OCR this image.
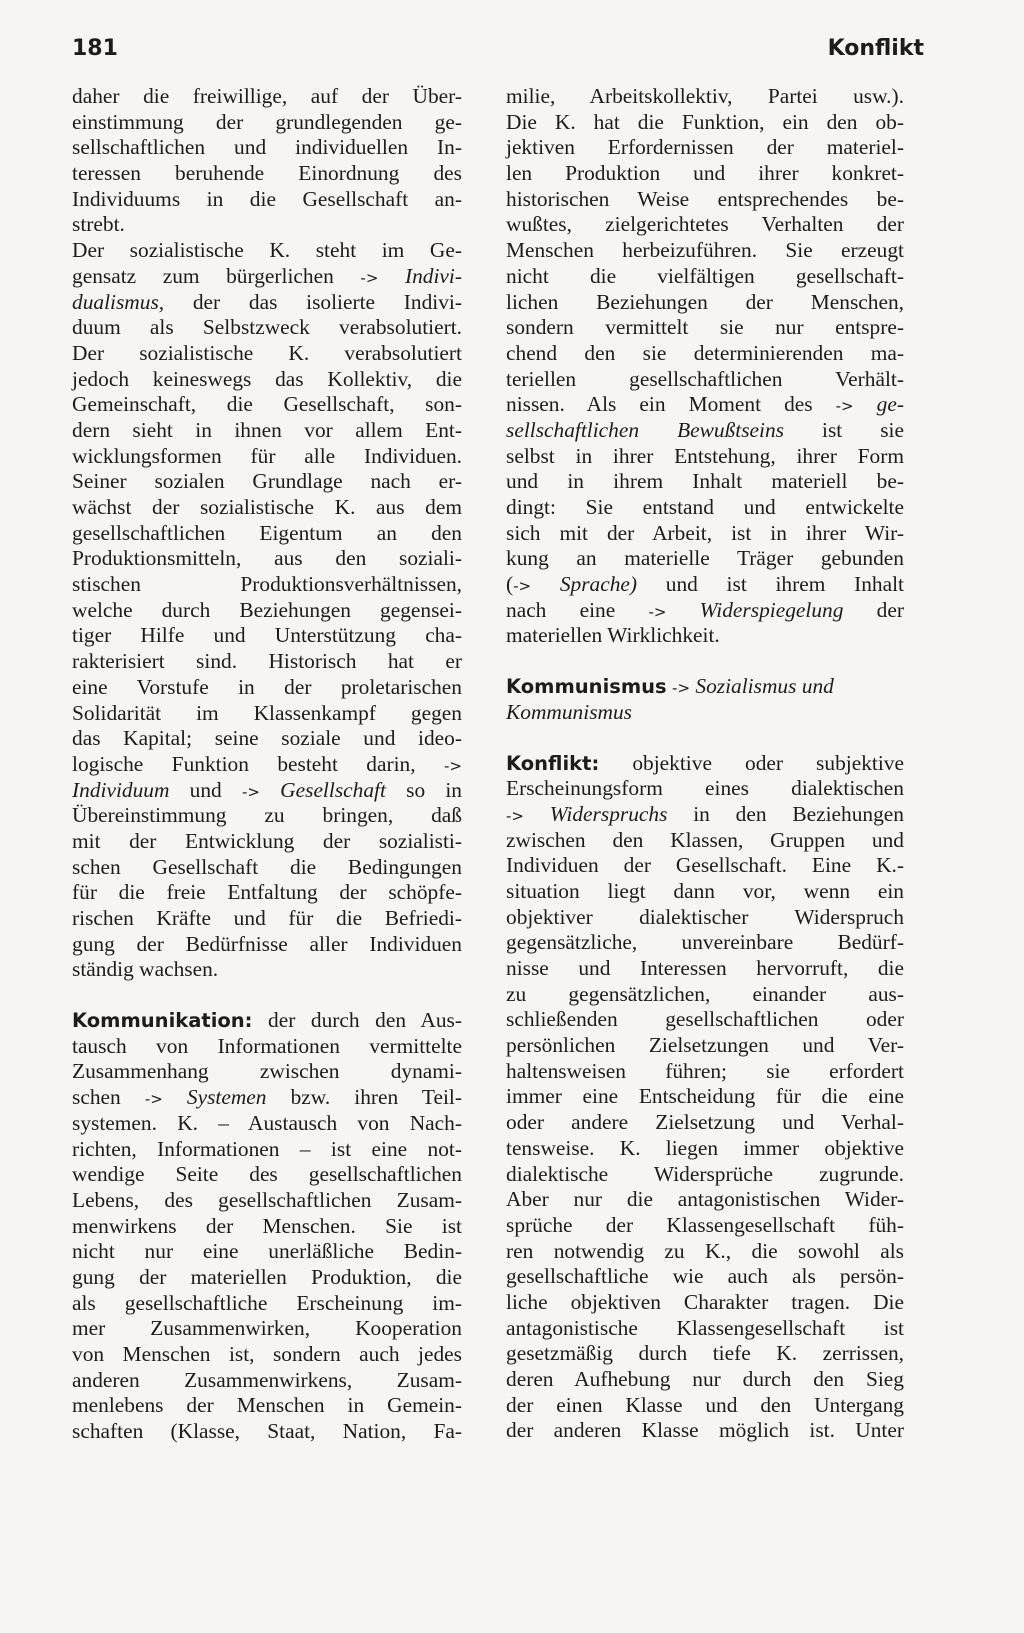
181	Konflikt
daher die freiwillige, auf der Über-
einstimmung der grundlegenden ge-
sellschaftlichen und individuellen In-
teressen beruhende Einordnung des
Individuums in die Gesellschaft an-
strebt.
Der sozialistische K. steht im Ge-
gensatz zum bürgerlichen -> Indivi-
dualismus, der das isolierte Indivi-
duum als Selbstzweck verabsolutiert.
Der sozialistische K. verabsolutiert
jedoch keineswegs das Kollektiv, die
Gemeinschaft, die Gesellschaft, son-
dern sieht in ihnen vor allem Ent-
wicklungsformen für alle Individuen.
Seiner sozialen Grundlage nach er-
wächst der sozialistische K. aus dem
gesellschaftlichen Eigentum an den
Produktionsmitteln, aus den soziali-
stischen Produktionsverhältnissen,
welche durch Beziehungen gegensei-
tiger Hilfe und Unterstützung cha-
rakterisiert sind. Historisch hat er
eine Vorstufe in der proletarischen
Solidarität im Klassenkampf gegen
das Kapital; seine soziale und ideo-
logische Funktion besteht darin, ->
Individuum und -> Gesellschaft so in
Übereinstimmung zu bringen, daß
mit der Entwicklung der sozialisti-
schen Gesellschaft die Bedingungen
für die freie Entfaltung der schöpfe-
rischen Kräfte und für die Befriedi-
gung der Bedürfnisse aller Individuen
ständig wachsen.
Kommunikation: der durch den Aus-
tausch von Informationen vermittelte
Zusammenhang zwischen dynami-
schen -> Systemen bzw. ihren Teil-
systemen. K. – Austausch von Nach-
richten, Informationen – ist eine not-
wendige Seite des gesellschaftlichen
Lebens, des gesellschaftlichen Zusam-
menwirkens der Menschen. Sie ist
nicht nur eine unerläßliche Bedin-
gung der materiellen Produktion, die
als gesellschaftliche Erscheinung im-
mer Zusammenwirken, Kooperation
von Menschen ist, sondern auch jedes
anderen Zusammenwirkens, Zusam-
menlebens der Menschen in Gemein-
schaften (Klasse, Staat, Nation, Fa-
milie, Arbeitskollektiv, Partei usw.).
Die K. hat die Funktion, ein den ob-
jektiven Erfordernissen der materiel-
len Produktion und ihrer konkret-
historischen Weise entsprechendes be-
wußtes, zielgerichtetes Verhalten der
Menschen herbeizuführen. Sie erzeugt
nicht die vielfältigen gesellschaft-
lichen Beziehungen der Menschen,
sondern vermittelt sie nur entspre-
chend den sie determinierenden ma-
teriellen gesellschaftlichen Verhält-
nissen. Als ein Moment des -> ge-
sellschaftlichen Bewußtseins ist sie
selbst in ihrer Entstehung, ihrer Form
und in ihrem Inhalt materiell be-
dingt: Sie entstand und entwickelte
sich mit der Arbeit, ist in ihrer Wir-
kung an materielle Träger gebunden
(-> Sprache) und ist ihrem Inhalt
nach eine -> Widerspiegelung der
materiellen Wirklichkeit.
Kommunismus -> Sozialismus und
Kommunismus
Konflikt: objektive oder subjektive
Erscheinungsform eines dialektischen
-> Widerspruchs in den Beziehungen
zwischen den Klassen, Gruppen und
Individuen der Gesellschaft. Eine K.-
situation liegt dann vor, wenn ein
objektiver dialektischer Widerspruch
gegensätzliche, unvereinbare Bedürf-
nisse und Interessen hervorruft, die
zu gegensätzlichen, einander aus-
schließenden gesellschaftlichen oder
persönlichen Zielsetzungen und Ver-
haltensweisen führen; sie erfordert
immer eine Entscheidung für die eine
oder andere Zielsetzung und Verhal-
tensweise. K. liegen immer objektive
dialektische Widersprüche zugrunde.
Aber nur die antagonistischen Wider-
sprüche der Klassengesellschaft füh-
ren notwendig zu K., die sowohl als
gesellschaftliche wie auch als persön-
liche objektiven Charakter tragen. Die
antagonistische Klassengesellschaft ist
gesetzmäßig durch tiefe K. zerrissen,
deren Aufhebung nur durch den Sieg
der einen Klasse und den Untergang
der anderen Klasse möglich ist. Unter
